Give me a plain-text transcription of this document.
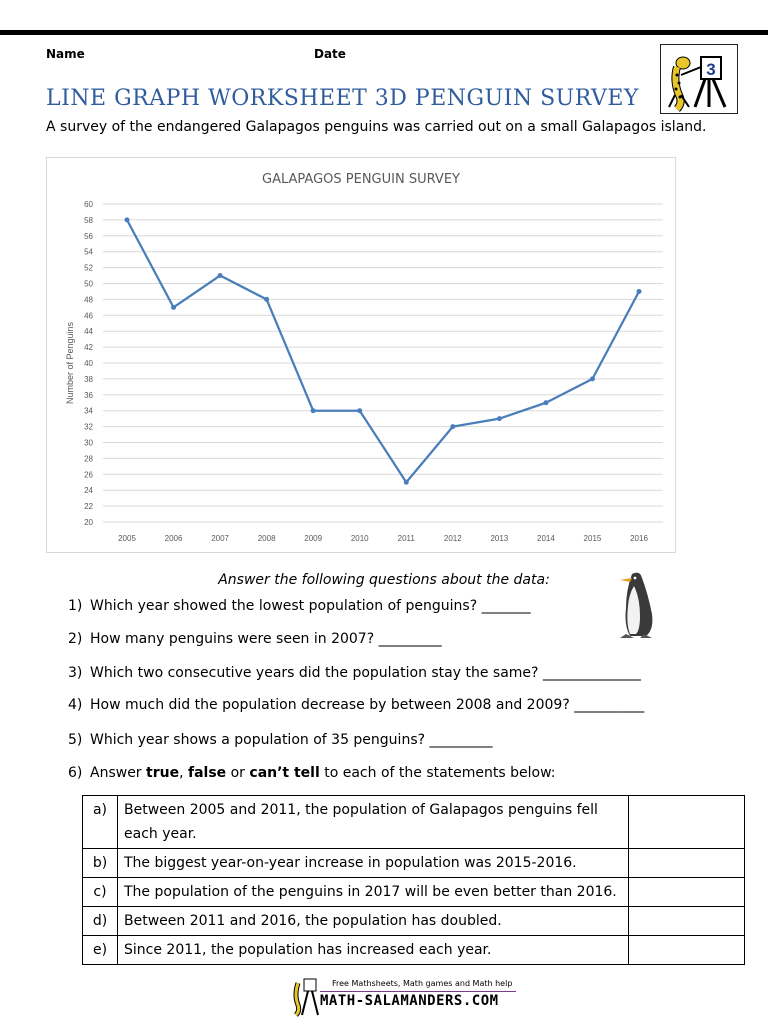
Name	Date
3
LINE GRAPH WORKSHEET 3D PENGUIN SURVEY
A survey of the endangered Galapagos penguins was carried out on a small Galapagos island.
GALAPAGOS PENGUIN SURVEY
20
22
24
26
28
30
32
34
36
38
40
42
44
46
48
50
52
54
56
58
60
2005	2006	2007	2008	2009	2010	2011	2012	2013	2014	2015	2016
Number of Penguins
Answer the following questions about the data:
1) Which year showed the lowest population of penguins? _______
2) How many penguins were seen in 2007? _________
3) Which two consecutive years did the population stay the same? ______________
4) How much did the population decrease by between 2008 and 2009? __________
5) Which year shows a population of 35 penguins? _________
6) Answer true, false or can’t tell to each of the statements below:
a)	Between 2005 and 2011, the population of Galapagos penguins fell each year.	
b)	The biggest year-on-year increase in population was 2015-2016.	
c)	The population of the penguins in 2017 will be even better than 2016.	
d)	Between 2011 and 2016, the population has doubled.	
e)	Since 2011, the population has increased each year.	
Free Mathsheets, Math games and Math help
MATH-SALAMANDERS.COM
